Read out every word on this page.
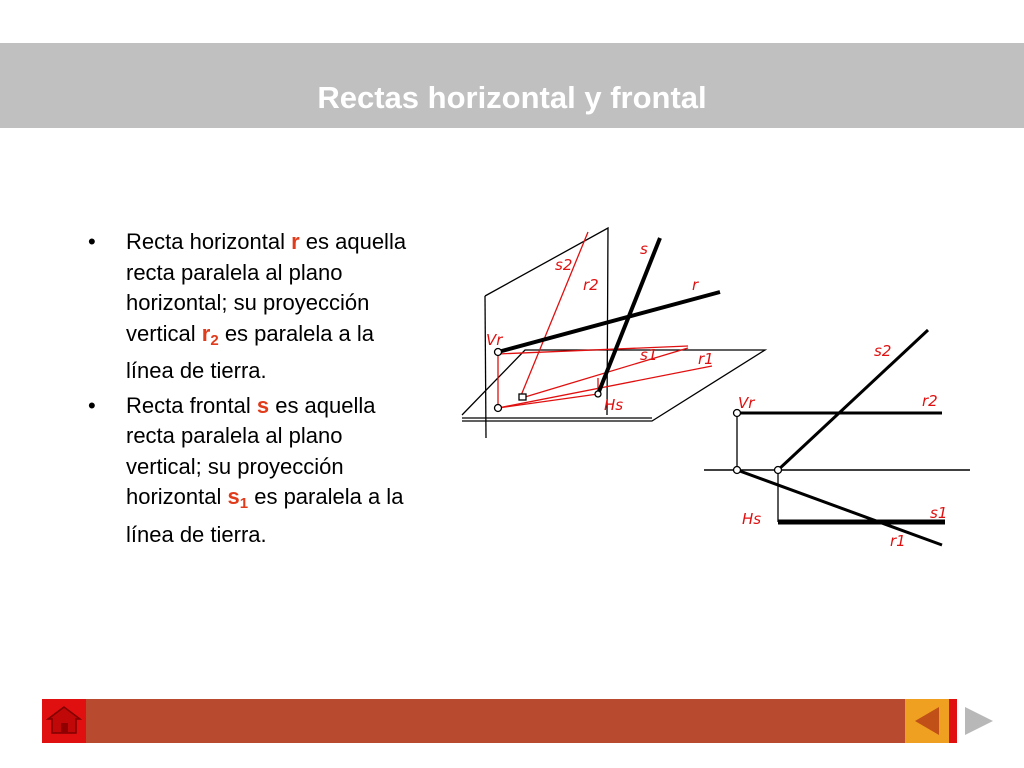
Rectas horizontal y frontal
• Recta horizontal r es aquella recta paralela al plano horizontal; su proyección vertical $r_2$ es paralela a la línea de tierra.
• Recta frontal s es aquella recta paralela al plano vertical; su proyección horizontal $s_1$ es paralela a la línea de tierra.
s
s2
r2	r
Vr
s1	r1
Hs
s2
Vr	r2
s1
Hs
r1
